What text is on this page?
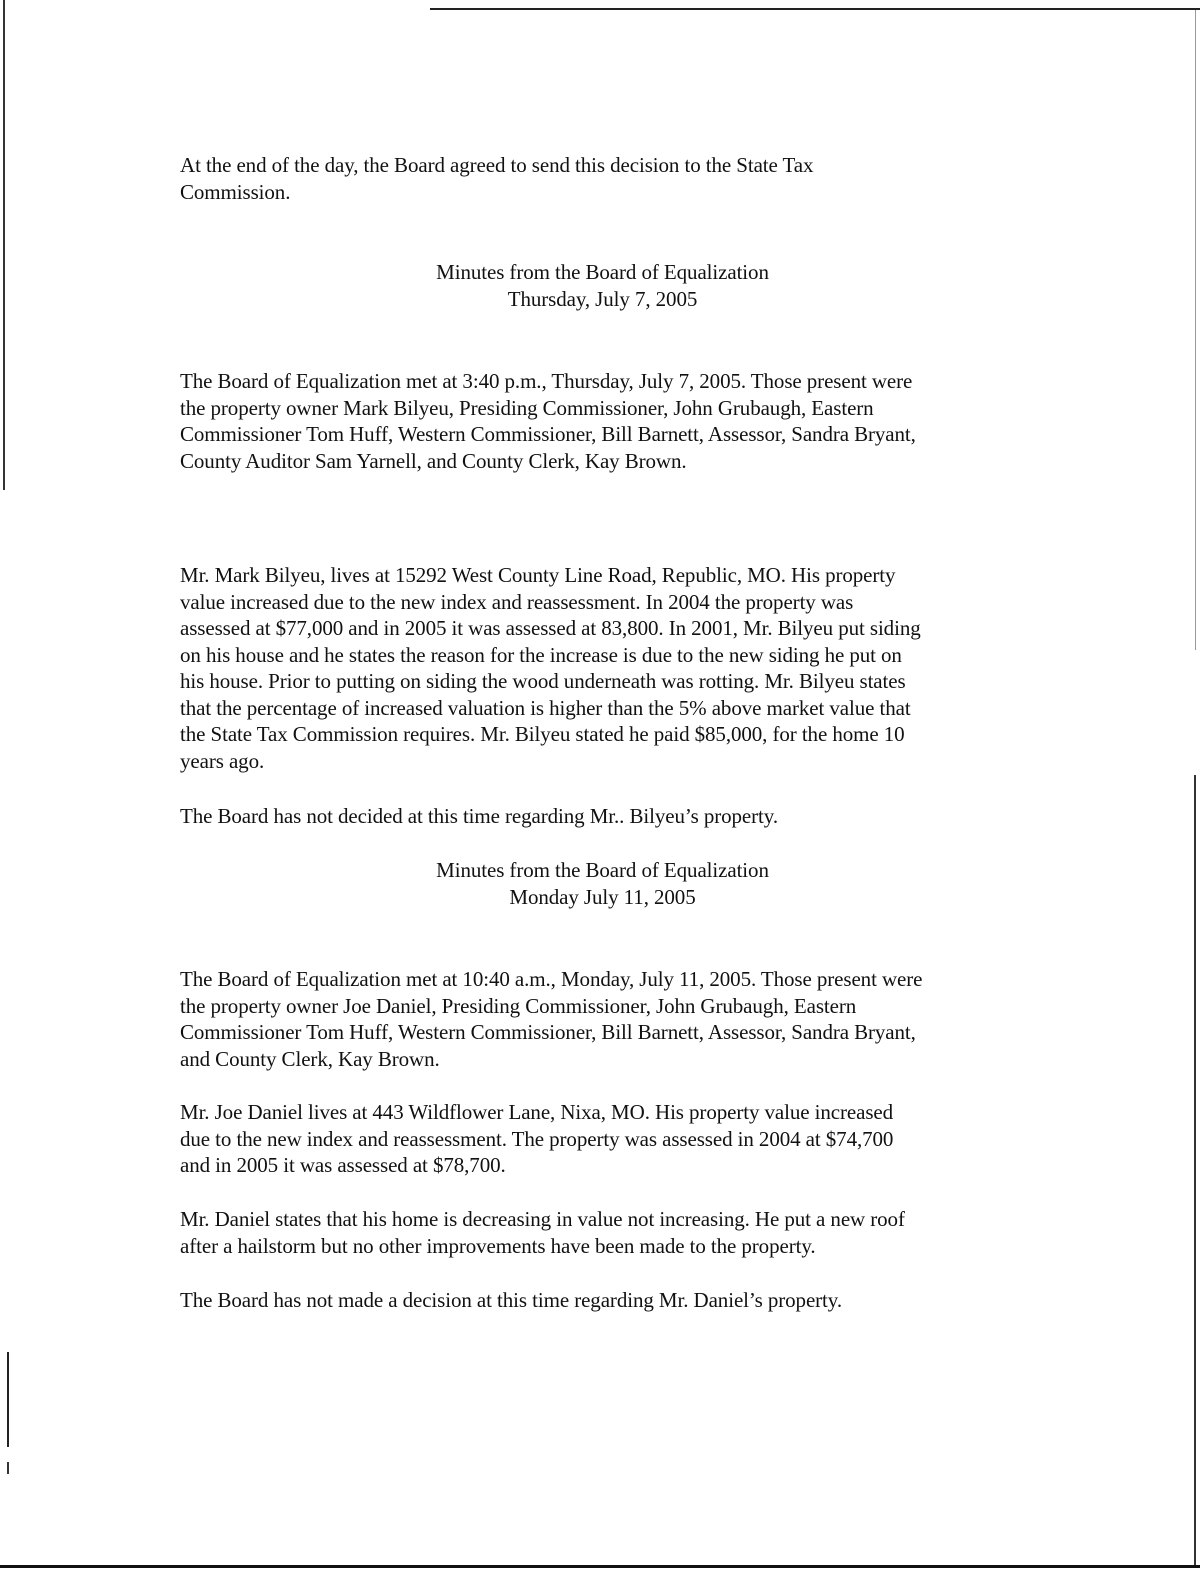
At the end of the day, the Board agreed to send this decision to the State Tax
Commission.
Minutes from the Board of Equalization
Thursday, July 7, 2005
The Board of Equalization met at 3:40 p.m., Thursday, July 7, 2005. Those present were
the property owner Mark Bilyeu, Presiding Commissioner, John Grubaugh, Eastern
Commissioner Tom Huff, Western Commissioner, Bill Barnett, Assessor, Sandra Bryant,
County Auditor Sam Yarnell, and County Clerk, Kay Brown.
Mr. Mark Bilyeu, lives at 15292 West County Line Road, Republic, MO. His property
value increased due to the new index and reassessment. In 2004 the property was
assessed at $77,000 and in 2005 it was assessed at 83,800. In 2001, Mr. Bilyeu put siding
on his house and he states the reason for the increase is due to the new siding he put on
his house. Prior to putting on siding the wood underneath was rotting. Mr. Bilyeu states
that the percentage of increased valuation is higher than the 5% above market value that
the State Tax Commission requires. Mr. Bilyeu stated he paid $85,000, for the home 10
years ago.
The Board has not decided at this time regarding Mr.. Bilyeu’s property.
Minutes from the Board of Equalization
Monday July 11, 2005
The Board of Equalization met at 10:40 a.m., Monday, July 11, 2005. Those present were
the property owner Joe Daniel, Presiding Commissioner, John Grubaugh, Eastern
Commissioner Tom Huff, Western Commissioner, Bill Barnett, Assessor, Sandra Bryant,
and County Clerk, Kay Brown.
Mr. Joe Daniel lives at 443 Wildflower Lane, Nixa, MO. His property value increased
due to the new index and reassessment. The property was assessed in 2004 at $74,700
and in 2005 it was assessed at $78,700.
Mr. Daniel states that his home is decreasing in value not increasing. He put a new roof
after a hailstorm but no other improvements have been made to the property.
The Board has not made a decision at this time regarding Mr. Daniel’s property.
